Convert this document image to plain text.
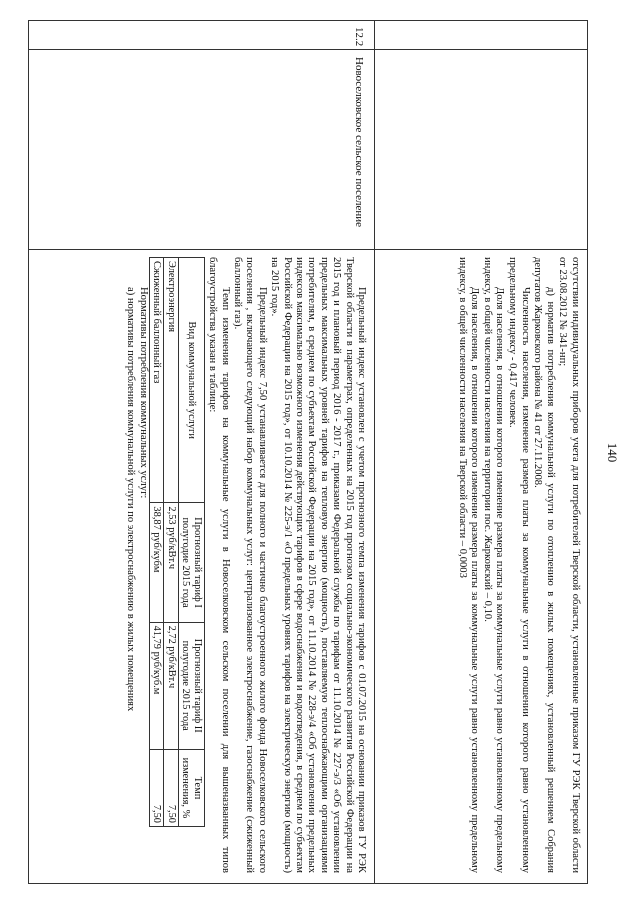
140

отсутствии индивидуальных приборов учета для потребителей Тверской области, установленные приказом ГУ РЭК Тверской области от 23.08.2012 № 341-нп;

д) норматив потребления коммунальной услуги по отоплению в жилых помещениях, установленный решением Собрания депутатов Жарковского района № 41 от 27.11.2008.

Численность населения, изменение размера платы за коммунальные услуги в отношении которого равно установленному предельному индексу - 0,417 человек.

Доля населения, в отношении которого изменение размера платы за коммунальные услуги равно установленному предельному индексу, в общей численности населения на территории пос. Жарковский – 0,10.

Доля населения, в отношении которого изменение размера платы за коммунальные услуги равно установленному предельному индексу, в общей численности населения на Тверской области – 0,0003

12.2
Новоселковское сельское поселение

Предельный индекс установлен с учетом прогнозного темпа изменения тарифов с 01.07.2015 на основании приказов ГУ РЭК Тверской области в параметрах, определенных на 2015 год прогнозом социально-экономического развития Российской Федерации на 2015 год и плановый период 2016 - 2017 г., приказами Федеральной службы по тарифам от 11.10.2014 № 227-э/3 «Об установлении предельных максимальных уровней тарифов на тепловую энергию (мощность), поставляемую теплоснабжающими организациями потребителям, в среднем по субъектам Российской Федерации на 2015 год», от 11.10.2014 № 228-э/4 «Об установлении предельных индексов максимально возможного изменения действующих тарифов в сфере водоснабжения и водоотведения, в среднем по субъектам Российской Федерации на 2015 год», от 10.10.2014 № 225-э/1 «О предельных уровнях тарифов на электрическую энергию (мощность) на 2015 год».

Предельный индекс 7,50 устанавливается для полного и частично благоустроенного жилого фонда Новоселковского сельского поселения , включающего следующий набор коммунальных услуг: централизованное электроснабжение, газоснабжение (сжиженный баллонный газ).

Темп изменения тарифов на коммунальные услуги в Новоселковском сельском поселении для вышеназванных типов благоустройства указан в таблице:

Вид коммунальной услуги	Прогнозный тариф I полугодие 2015 года	Прогнозный тариф II полугодие 2015 года	Темп изменения, %
Электроэнергия	2,53 руб/кВт.ч	2,72 руб/кВт.ч	7,50
Сжиженный баллонный газ	38,87 руб/кубм	41,79 руб/куб.м	7,50

Нормативы потребления коммунальных услуг:

а) нормативы потребления коммунальной услуги по электроснабжению в жилых помещениях
